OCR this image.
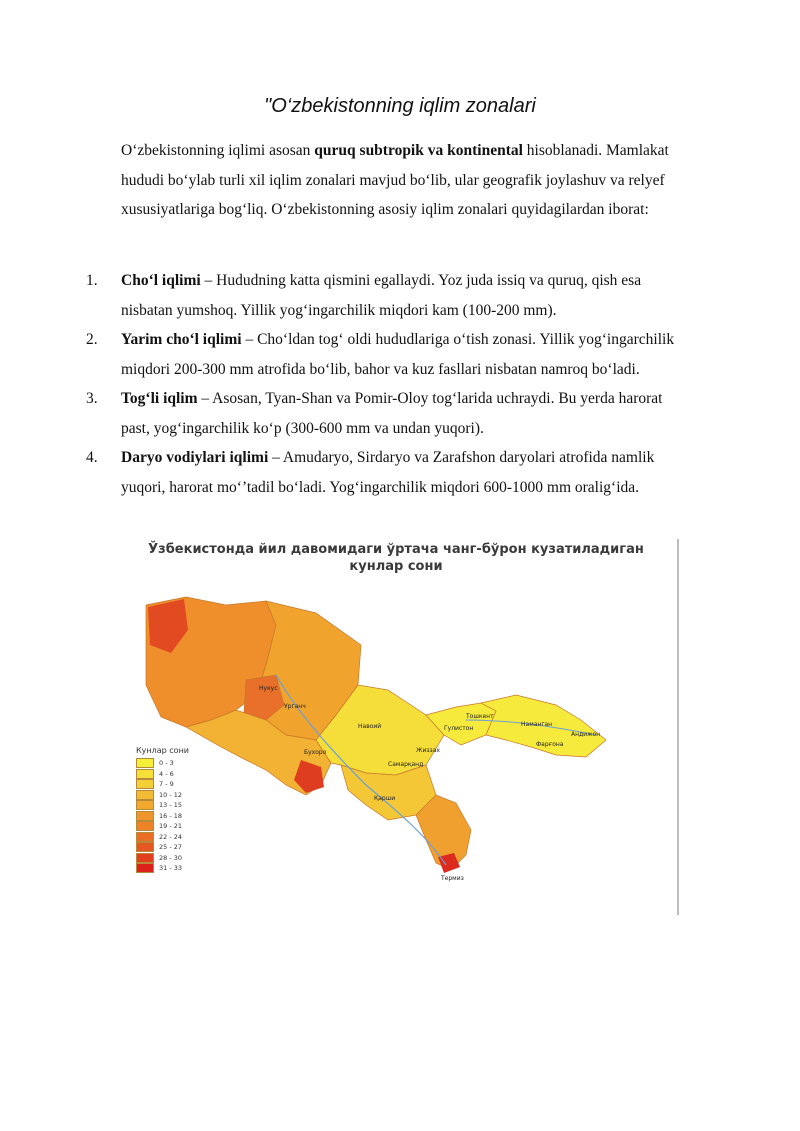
"O‘zbekistonning iqlim zonalari
O‘zbekistonning iqlimi asosan quruq subtropik va kontinental hisoblanadi. Mamlakat hududi bo‘ylab turli xil iqlim zonalari mavjud bo‘lib, ular geografik joylashuv va relyef xususiyatlariga bog‘liq. O‘zbekistonning asosiy iqlim zonalari quyidagilardan iborat:
1. Cho‘l iqlimi – Hududning katta qismini egallaydi. Yoz juda issiq va quruq, qish esa nisbatan yumshoq. Yillik yog‘ingarchilik miqdori kam (100-200 mm).
2. Yarim cho‘l iqlimi – Cho‘ldan tog‘ oldi hududlariga o‘tish zonasi. Yillik yog‘ingarchilik miqdori 200-300 mm atrofida bo‘lib, bahor va kuz fasllari nisbatan namroq bo‘ladi.
3. Tog‘li iqlim – Asosan, Tyan-Shan va Pomir-Oloy tog‘larida uchraydi. Bu yerda harorat past, yog‘ingarchilik ko‘p (300-600 mm va undan yuqori).
4. Daryo vodiylari iqlimi – Amudaryo, Sirdaryo va Zarafshon daryolari atrofida namlik yuqori, harorat mo‘’tadil bo‘ladi. Yog‘ingarchilik miqdori 600-1000 mm oralig‘ida.
Ўзбекистонда йил давомидаги ўртача чанг-бўрон кузатиладиган
кунлар сони
Кунлар сони
0 - 3
4 - 6
7 - 9
10 - 12
13 - 15
16 - 18
19 - 21
22 - 24
25 - 27
28 - 30
31 - 33
Нукус
Урганч
Бухоро
Навоий
Жиззах
Гулистон
Тошкент
Наманган
Андижон
Фарғона
Самарқанд
Қарши
Термиз
